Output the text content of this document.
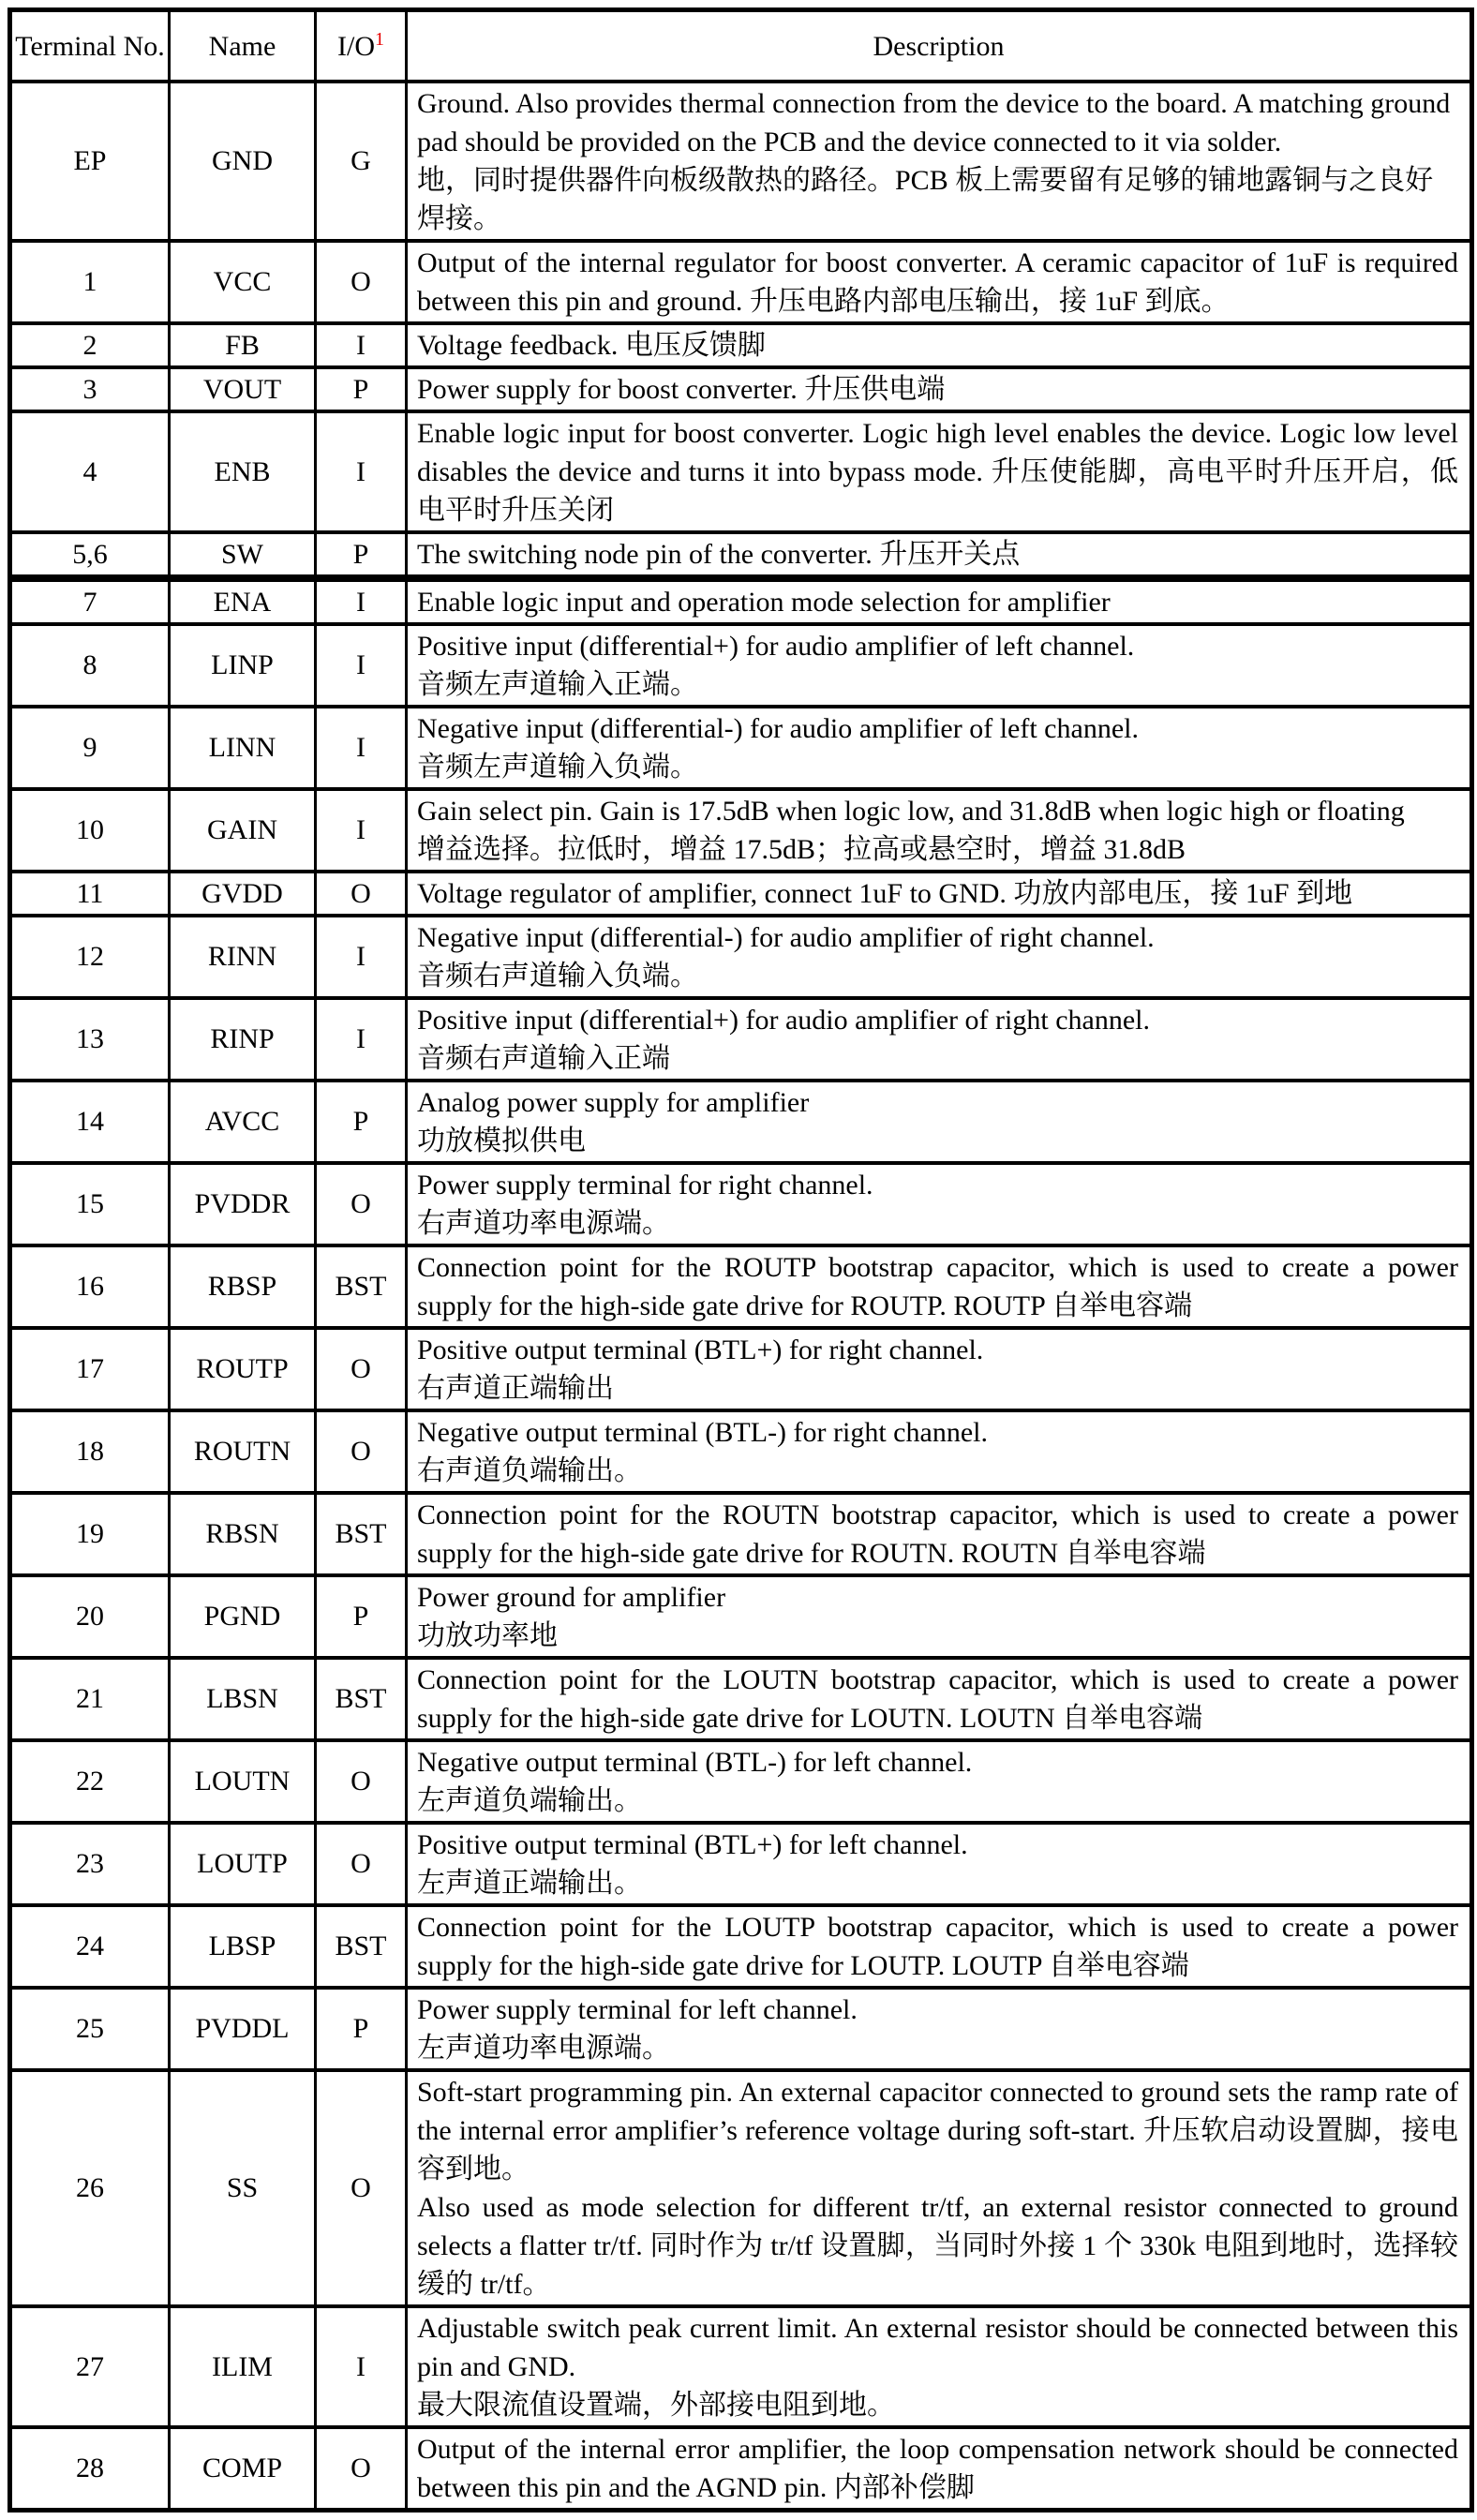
Terminal No.	Name	I/O$^1$	Description
EP	GND	G	Ground. Also provides thermal connection from the device to the board. A matching ground pad should be provided on the PCB and the device connected to it via solder.

地，同时提供器件向板级散热的路径。PCB 板上需要留有足够的铺地露铜与之良好焊接。

1	VCC	O	Output of the internal regulator for boost converter. A ceramic capacitor of 1uF is required between this pin and ground. 升压电路内部电压输出，接 1uF 到底。

2	FB	I	Voltage feedback. 电压反馈脚

3	VOUT	P	Power supply for boost converter. 升压供电端

4	ENB	I	Enable logic input for boost converter. Logic high level enables the device. Logic low level disables the device and turns it into bypass mode. 升压使能脚，高电平时升压开启，低电平时升压关闭

5,6	SW	P	The switching node pin of the converter. 升压开关点

7	ENA	I	Enable logic input and operation mode selection for amplifier

8	LINP	I	Positive input (differential+) for audio amplifier of left channel.

音频左声道输入正端。

9	LINN	I	Negative input (differential-) for audio amplifier of left channel.

音频左声道输入负端。

10	GAIN	I	Gain select pin. Gain is 17.5dB when logic low, and 31.8dB when logic high or floating

增益选择。拉低时，增益 17.5dB；拉高或悬空时，增益 31.8dB

11	GVDD	O	Voltage regulator of amplifier, connect 1uF to GND. 功放内部电压，接 1uF 到地

12	RINN	I	Negative input (differential-) for audio amplifier of right channel.

音频右声道输入负端。

13	RINP	I	Positive input (differential+) for audio amplifier of right channel.

音频右声道输入正端

14	AVCC	P	Analog power supply for amplifier

功放模拟供电

15	PVDDR	O	Power supply terminal for right channel.

右声道功率电源端。

16	RBSP	BST	Connection point for the ROUTP bootstrap capacitor, which is used to create a power supply for the high-side gate drive for ROUTP. ROUTP 自举电容端

17	ROUTP	O	Positive output terminal (BTL+) for right channel.

右声道正端输出

18	ROUTN	O	Negative output terminal (BTL-) for right channel.

右声道负端输出。

19	RBSN	BST	Connection point for the ROUTN bootstrap capacitor, which is used to create a power supply for the high-side gate drive for ROUTN. ROUTN 自举电容端

20	PGND	P	Power ground for amplifier

功放功率地

21	LBSN	BST	Connection point for the LOUTN bootstrap capacitor, which is used to create a power supply for the high-side gate drive for LOUTN. LOUTN 自举电容端

22	LOUTN	O	Negative output terminal (BTL-) for left channel.

左声道负端输出。

23	LOUTP	O	Positive output terminal (BTL+) for left channel.

左声道正端输出。

24	LBSP	BST	Connection point for the LOUTP bootstrap capacitor, which is used to create a power supply for the high-side gate drive for LOUTP. LOUTP 自举电容端

25	PVDDL	P	Power supply terminal for left channel.

左声道功率电源端。

26	SS	O	Soft-start programming pin. An external capacitor connected to ground sets the ramp rate of the internal error amplifier’s reference voltage during soft-start. 升压软启动设置脚，接电容到地。

Also used as mode selection for different tr/tf, an external resistor connected to ground selects a flatter tr/tf. 同时作为 tr/tf 设置脚，当同时外接 1 个 330k 电阻到地时，选择较缓的 tr/tf。

27	ILIM	I	Adjustable switch peak current limit. An external resistor should be connected between this pin and GND.

最大限流值设置端，外部接电阻到地。

28	COMP	O	Output of the internal error amplifier, the loop compensation network should be connected between this pin and the AGND pin. 内部补偿脚
